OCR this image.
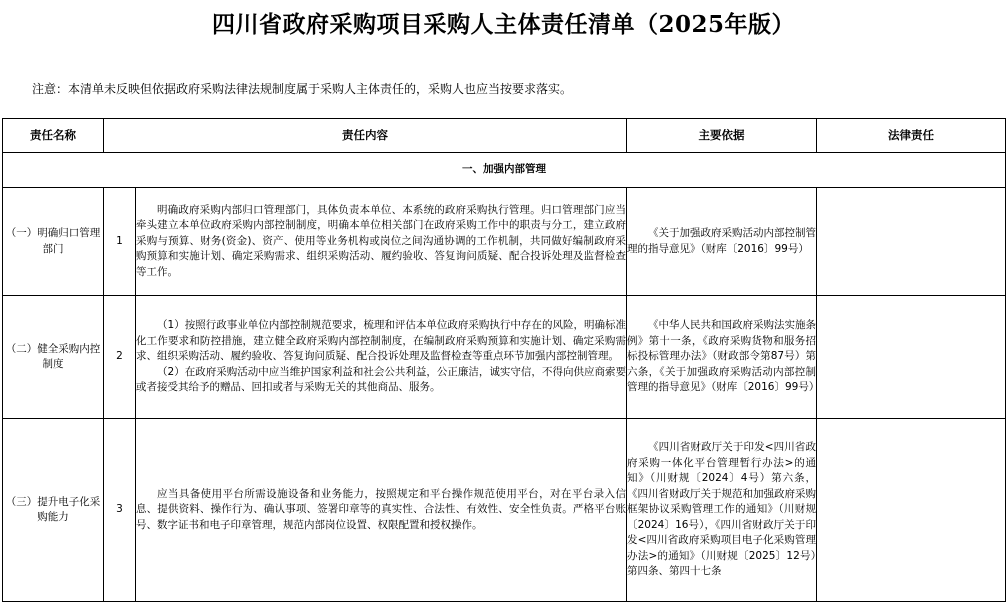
四川省政府采购项目采购人主体责任清单（2025年版）
注意：本清单未反映但依据政府采购法律法规制度属于采购人主体责任的，采购人也应当按要求落实。
责任名称	责任内容		主要依据	法律责任
一、加强内部管理				
（一）明确归口管理部门	1	明确政府采购内部归口管理部门，具体负责本单位、本系统的政府采购执行管理。归口管理部门应当牵头建立本单位政府采购内部控制制度，明确本单位相关部门在政府采购工作中的职责与分工，建立政府采购与预算、财务(资金)、资产、使用等业务机构或岗位之间沟通协调的工作机制，共同做好编制政府采购预算和实施计划、确定采购需求、组织采购活动、履约验收、答复询问质疑、配合投诉处理及监督检查等工作。	《关于加强政府采购活动内部控制管理的指导意见》（财库〔2016〕99号）	

（二）健全采购内控制度	2	（1）按照行政事业单位内部控制规范要求，梳理和评估本单位政府采购执行中存在的风险，明确标准化工作要求和防控措施，建立健全政府采购内部控制制度，在编制政府采购预算和实施计划、确定采购需求、组织采购活动、履约验收、答复询问质疑、配合投诉处理及监督检查等重点环节加强内部控制管理。

（2）在政府采购活动中应当维护国家利益和社会公共利益，公正廉洁，诚实守信，不得向供应商索要或者接受其给予的赠品、回扣或者与采购无关的其他商品、服务。	《中华人民共和国政府采购法实施条例》第十一条，《政府采购货物和服务招标投标管理办法》（财政部令第87号）第六条，《关于加强政府采购活动内部控制管理的指导意见》（财库〔2016〕99号）	

（三）提升电子化采购能力	3	应当具备使用平台所需设施设备和业务能力，按照规定和平台操作规范使用平台，对在平台录入信息、提供资料、操作行为、确认事项、签署印章等的真实性、合法性、有效性、安全性负责。严格平台账号、数字证书和电子印章管理，规范内部岗位设置、权限配置和授权操作。	《四川省财政厅关于印发<四川省政府采购一体化平台管理暂行办法>的通知》（川财规〔2024〕4号）第六条，《四川省财政厅关于规范和加强政府采购框架协议采购管理工作的通知》（川财规〔2024〕16号），《四川省财政厅关于印发<四川省政府采购项目电子化采购管理办法>的通知》（川财规〔2025〕12号）第四条、第四十七条	
